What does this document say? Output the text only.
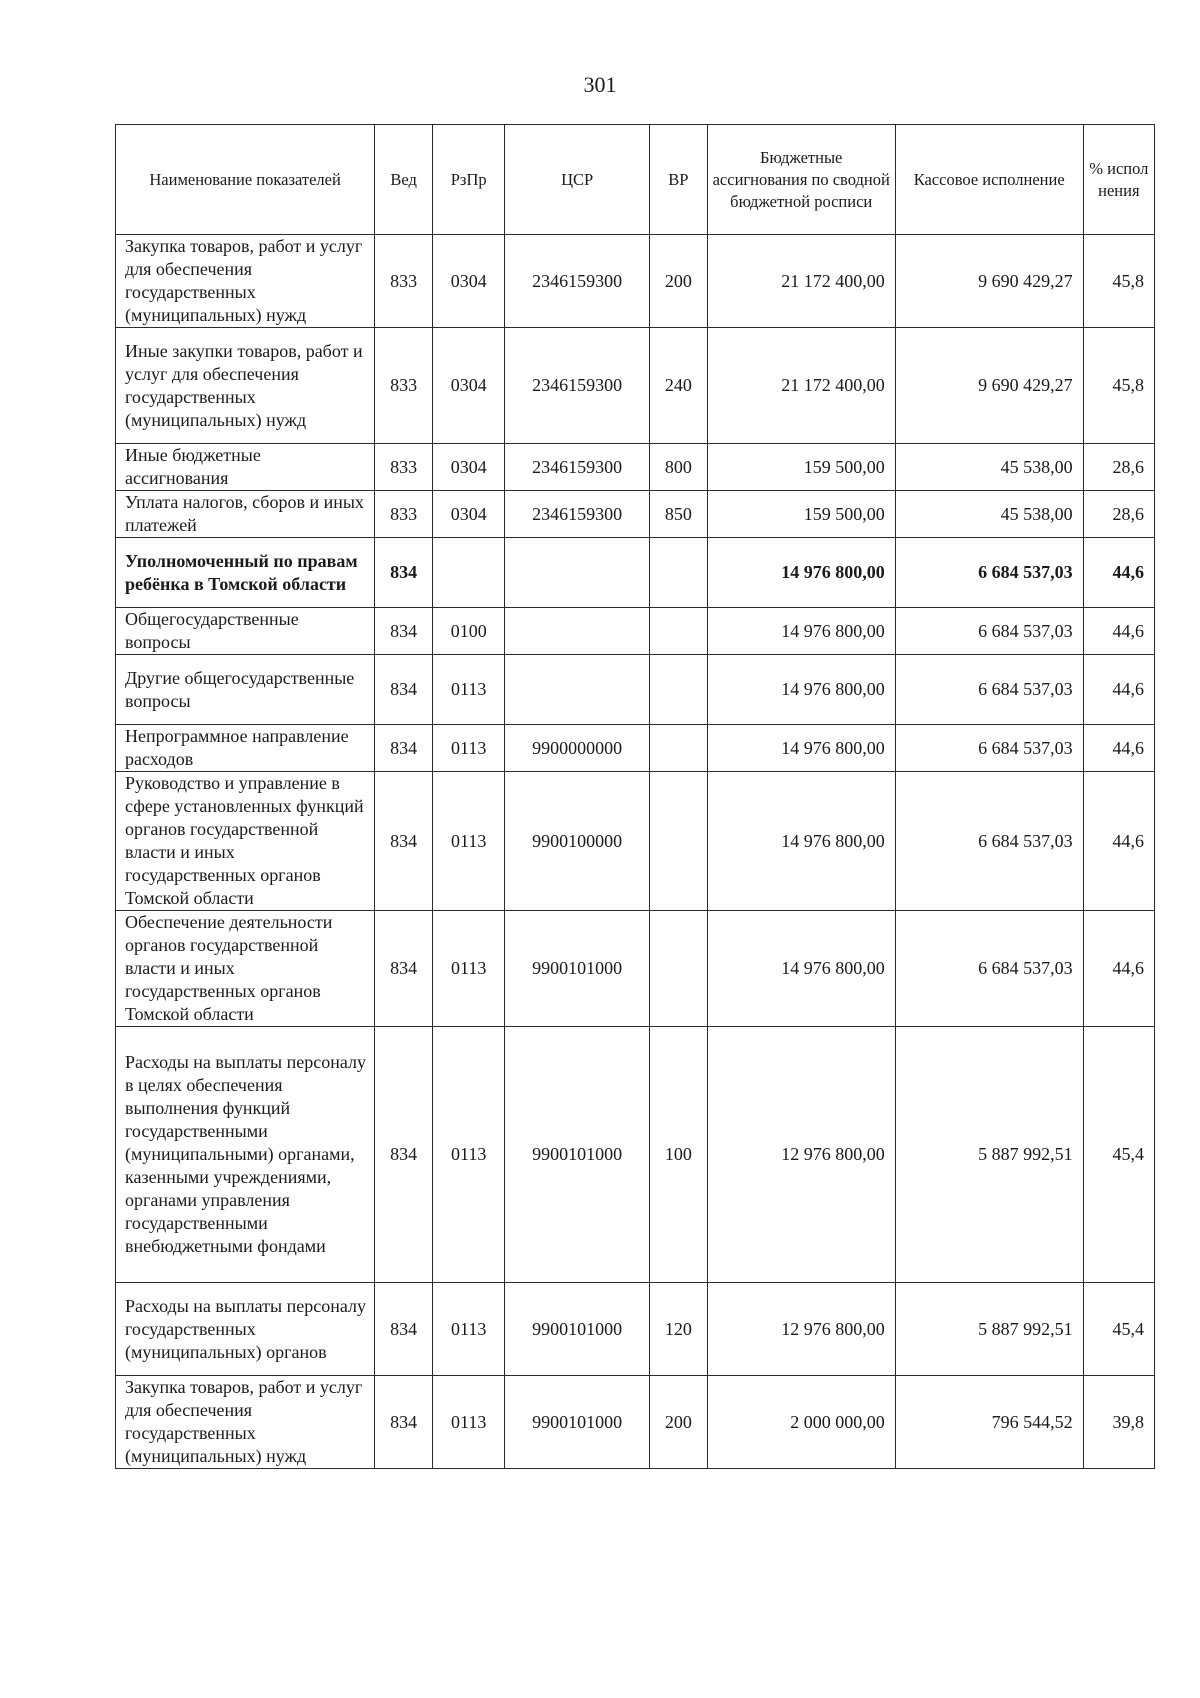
301
Наименование показателей	Вед	РзПр	ЦСР	ВР	Бюджетные ассигнования по сводной бюджетной росписи	Кассовое исполнение	% испол нения
Закупка товаров, работ и услуг для обеспечения государственных (муниципальных) нужд	833	0304	2346159300	200	21 172 400,00	9 690 429,27	45,8
Иные закупки товаров, работ и услуг для обеспечения государственных (муниципальных) нужд	833	0304	2346159300	240	21 172 400,00	9 690 429,27	45,8
Иные бюджетные ассигнования	833	0304	2346159300	800	159 500,00	45 538,00	28,6
Уплата налогов, сборов и иных платежей	833	0304	2346159300	850	159 500,00	45 538,00	28,6
Уполномоченный по правам ребёнка в Томской области	834				14 976 800,00	6 684 537,03	44,6
Общегосударственные вопросы	834	0100			14 976 800,00	6 684 537,03	44,6
Другие общегосударственные вопросы	834	0113			14 976 800,00	6 684 537,03	44,6
Непрограммное направление расходов	834	0113	9900000000		14 976 800,00	6 684 537,03	44,6
Руководство и управление в сфере установленных функций органов государственной власти и иных государственных органов Томской области	834	0113	9900100000		14 976 800,00	6 684 537,03	44,6
Обеспечение деятельности органов государственной власти и иных государственных органов Томской области	834	0113	9900101000		14 976 800,00	6 684 537,03	44,6
Расходы на выплаты персоналу в целях обеспечения выполнения функций государственными (муниципальными) органами, казенными учреждениями, органами управления государственными внебюджетными фондами	834	0113	9900101000	100	12 976 800,00	5 887 992,51	45,4
Расходы на выплаты персоналу государственных (муниципальных) органов	834	0113	9900101000	120	12 976 800,00	5 887 992,51	45,4
Закупка товаров, работ и услуг для обеспечения государственных (муниципальных) нужд	834	0113	9900101000	200	2 000 000,00	796 544,52	39,8
